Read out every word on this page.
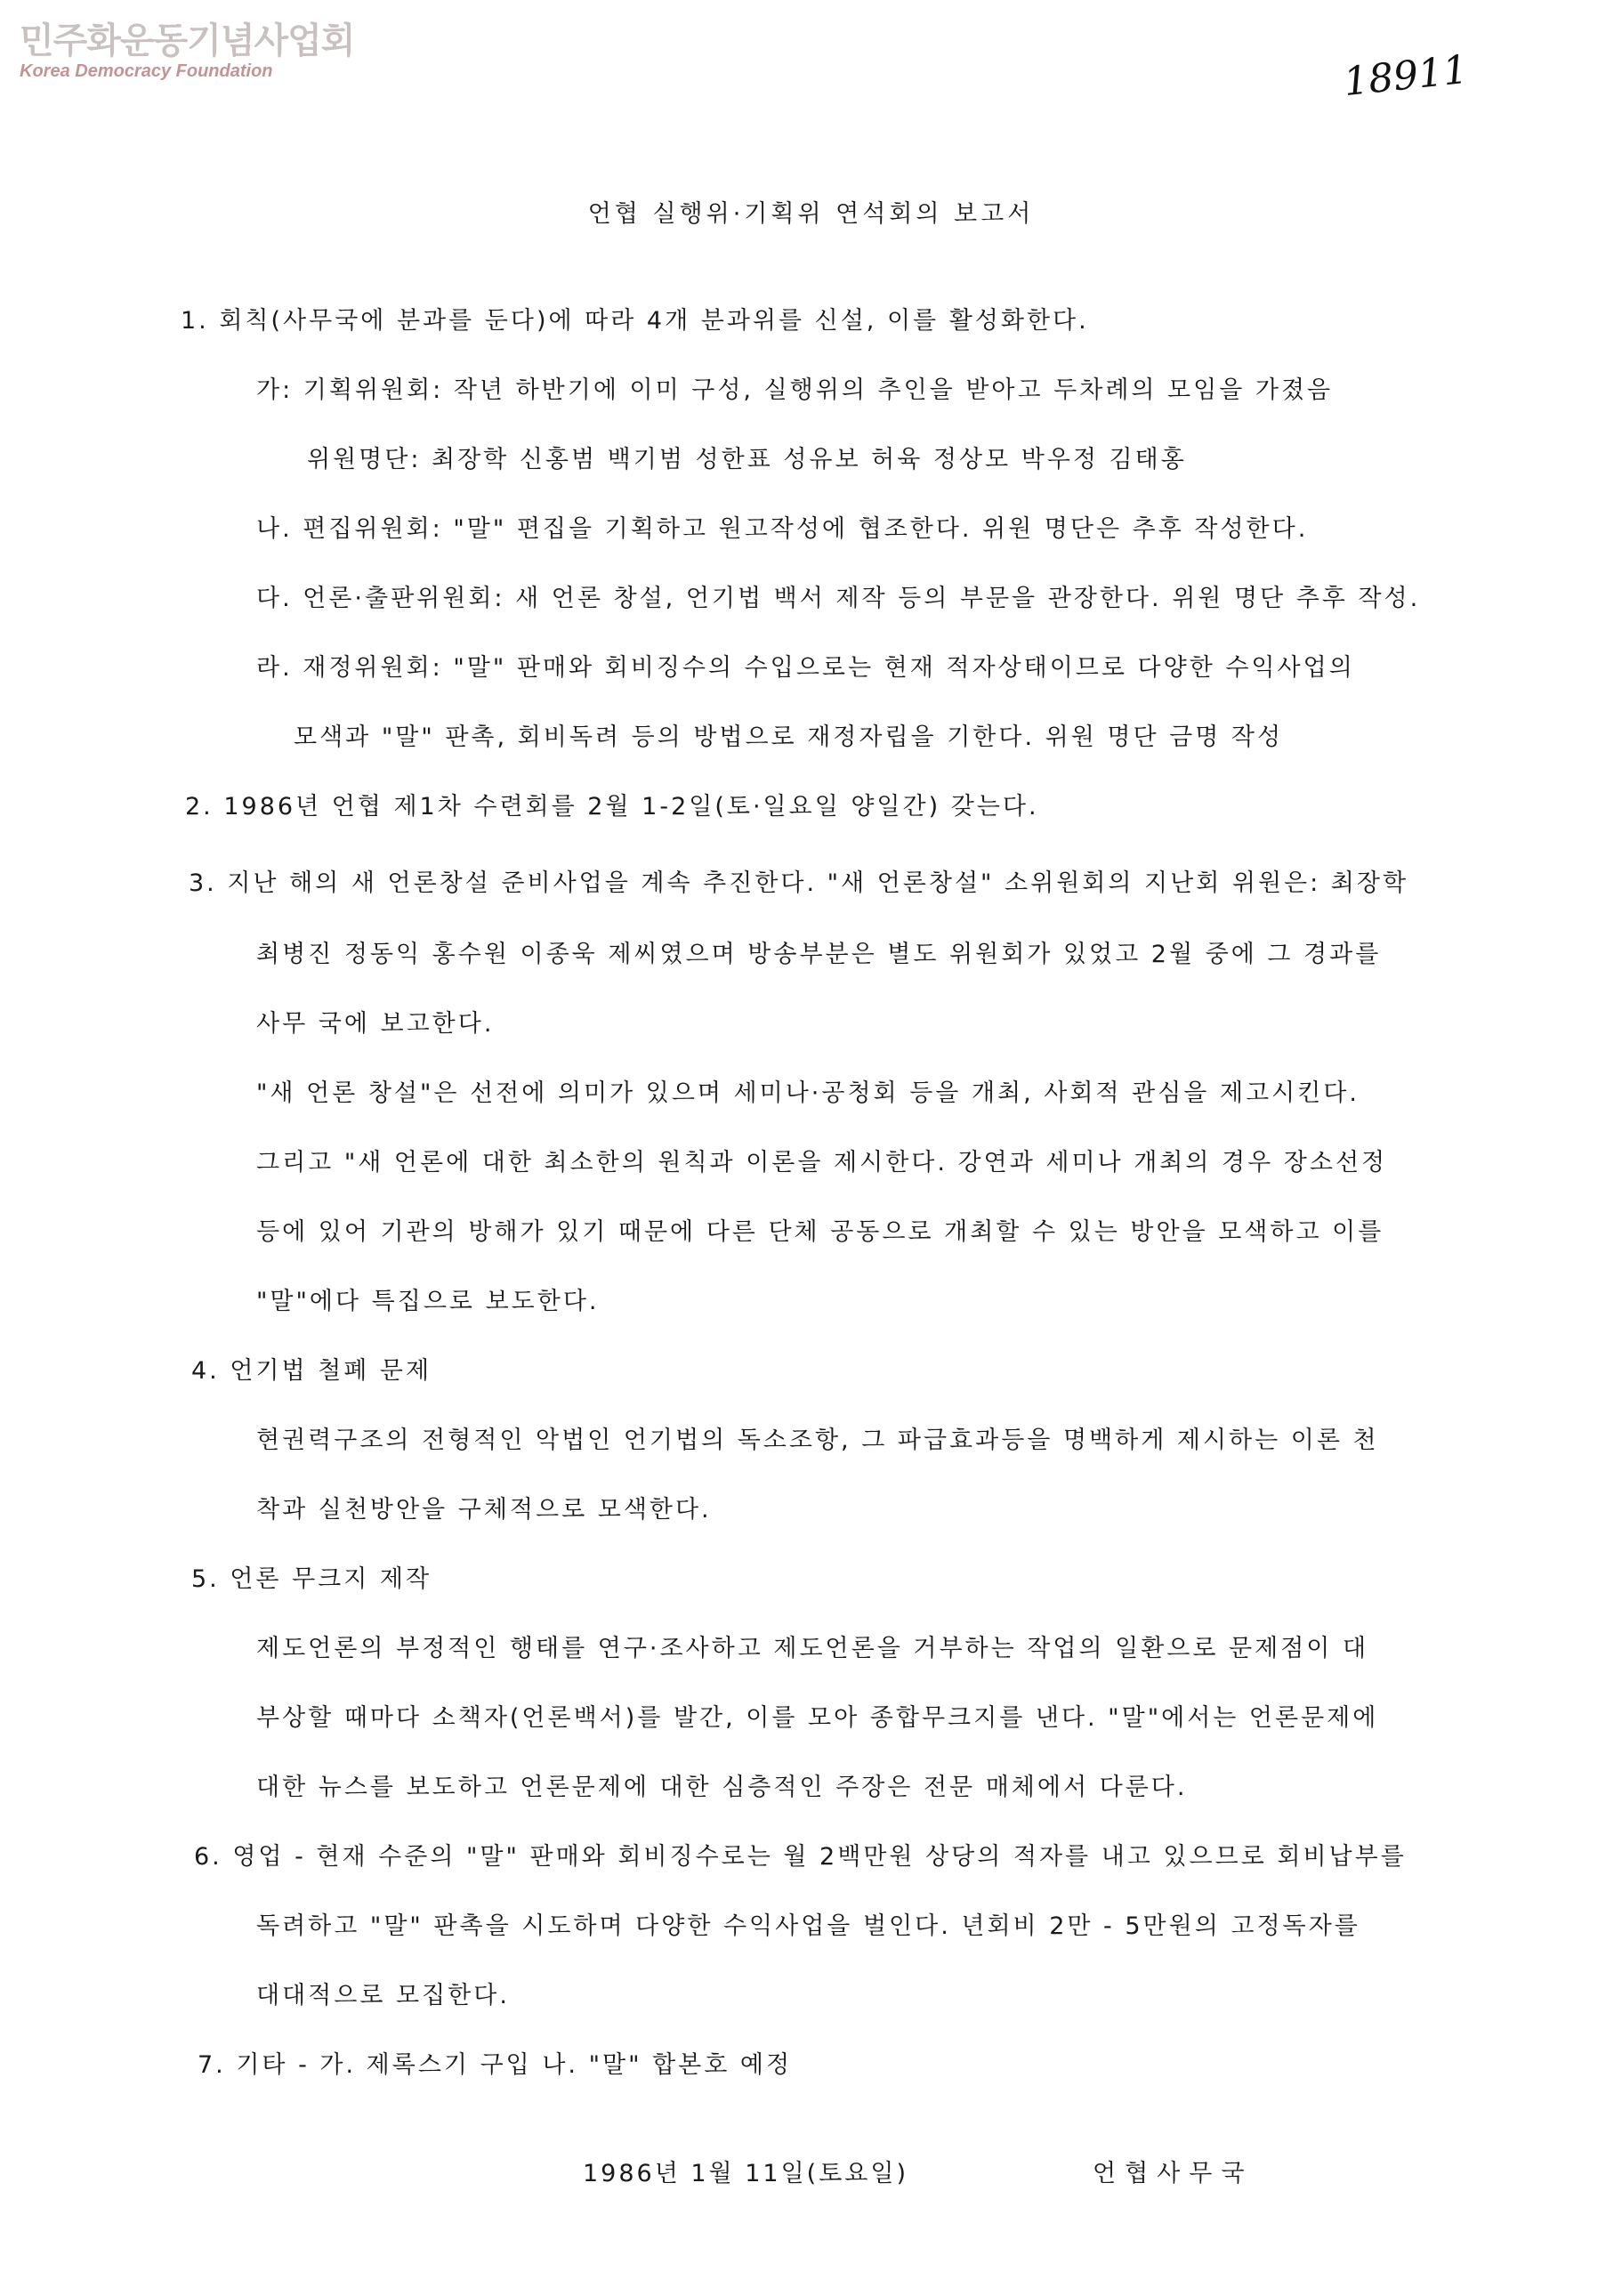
민주화운동기념사업회
Korea Democracy Foundation	18911
언협 실행위·기획위 연석회의 보고서
1. 회칙(사무국에 분과를 둔다)에 따라 4개 분과위를 신설, 이를 활성화한다.
가: 기획위원회: 작년 하반기에 이미 구성, 실행위의 추인을 받아고 두차례의 모임을 가졌음
위원명단: 최장학 신홍범 백기범 성한표 성유보 허육 정상모 박우정 김태홍
나. 편집위원회: "말" 편집을 기획하고 원고작성에 협조한다. 위원 명단은 추후 작성한다.
다. 언론·출판위원회: 새 언론 창설, 언기법 백서 제작 등의 부문을 관장한다. 위원 명단 추후 작성.
라. 재정위원회: "말" 판매와 회비징수의 수입으로는 현재 적자상태이므로 다양한 수익사업의
모색과 "말" 판촉, 회비독려 등의 방법으로 재정자립을 기한다. 위원 명단 금명 작성
2. 1986년 언협 제1차 수련회를 2월 1-2일(토·일요일 양일간) 갖는다.
3. 지난 해의 새 언론창설 준비사업을 계속 추진한다. "새 언론창설" 소위원회의 지난회 위원은: 최장학
최병진 정동익 홍수원 이종욱 제씨였으며 방송부분은 별도 위원회가 있었고 2월 중에 그 경과를
사무 국에 보고한다.
"새 언론 창설"은 선전에 의미가 있으며 세미나·공청회 등을 개최, 사회적 관심을 제고시킨다.
그리고 "새 언론에 대한 최소한의 원칙과 이론을 제시한다. 강연과 세미나 개최의 경우 장소선정
등에 있어 기관의 방해가 있기 때문에 다른 단체 공동으로 개최할 수 있는 방안을 모색하고 이를
"말"에다 특집으로 보도한다.
4. 언기법 철폐 문제
현권력구조의 전형적인 악법인 언기법의 독소조항, 그 파급효과등을 명백하게 제시하는 이론 천
착과 실천방안을 구체적으로 모색한다.
5. 언론 무크지 제작
제도언론의 부정적인 행태를 연구·조사하고 제도언론을 거부하는 작업의 일환으로 문제점이 대
부상할 때마다 소책자(언론백서)를 발간, 이를 모아 종합무크지를 낸다. "말"에서는 언론문제에
대한 뉴스를 보도하고 언론문제에 대한 심층적인 주장은 전문 매체에서 다룬다.
6. 영업 - 현재 수준의 "말" 판매와 회비징수로는 월 2백만원 상당의 적자를 내고 있으므로 회비납부를
독려하고 "말" 판촉을 시도하며 다양한 수익사업을 벌인다. 년회비 2만 - 5만원의 고정독자를
대대적으로 모집한다.
7. 기타 - 가. 제록스기 구입 나. "말" 합본호 예정
1986년 1월 11일(토요일)	언협사무국
